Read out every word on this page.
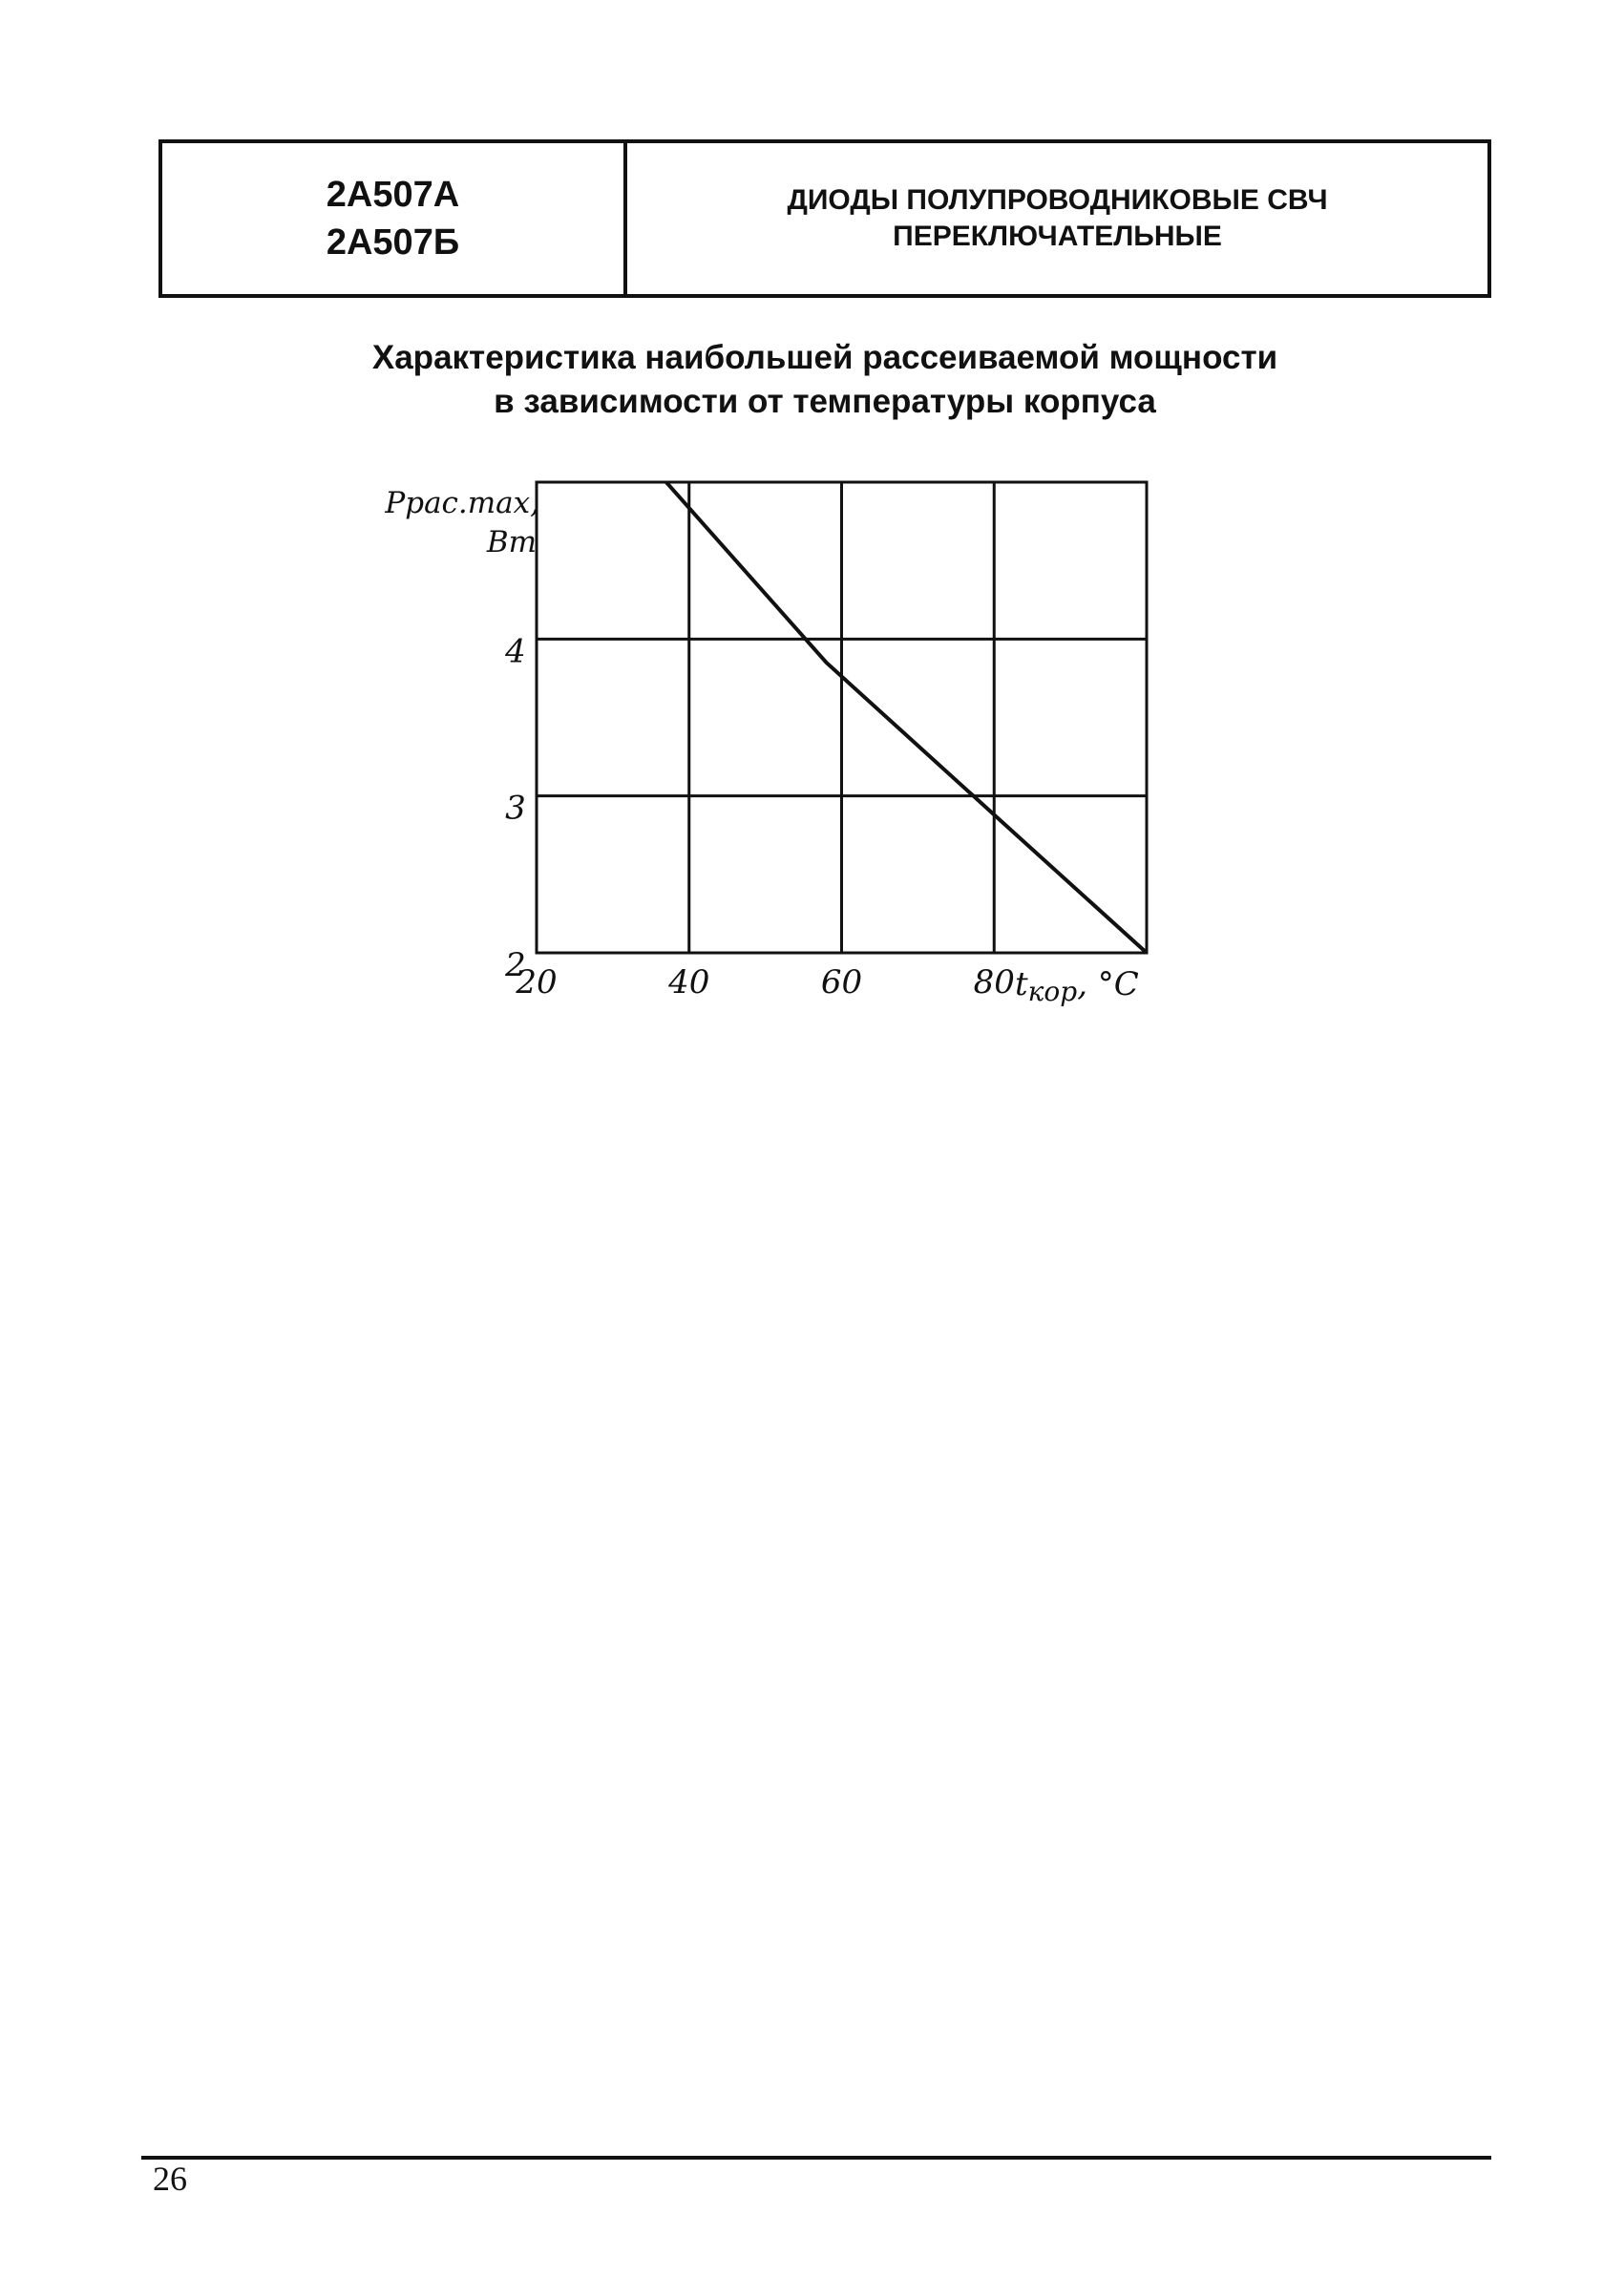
2А507А
2А507Б
ДИОДЫ ПОЛУПРОВОДНИКОВЫЕ СВЧ
ПЕРЕКЛЮЧАТЕЛЬНЫЕ
Характеристика наибольшей рассеиваемой мощности
в зависимости от температуры корпуса
20	40	60	80
2
3
4
Ррас.max,
Вт
tкор, °С
26
